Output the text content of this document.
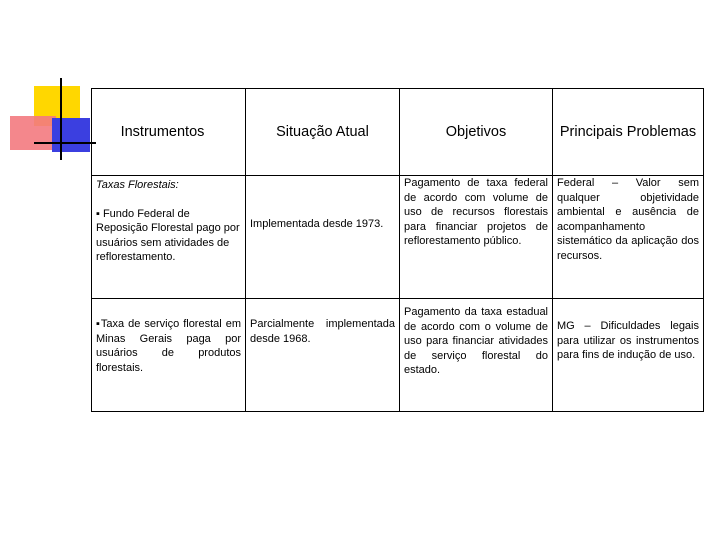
Instrumentos	Situação Atual	Objetivos	Principais Problemas

Taxas Florestais:
▪ Fundo Federal de Reposição Florestal pago por usuários sem atividades de reflorestamento.	Implementada desde 1973.	Pagamento de taxa federal de acordo com volume de uso de recursos florestais para financiar projetos de reflorestamento público.	Federal – Valor sem qualquer objetividade ambiental e ausência de acompanhamento sistemático da aplicação dos recursos.

▪Taxa de serviço florestal em Minas Gerais paga por usuários de produtos florestais.	Parcialmente implementada desde 1968.	Pagamento da taxa estadual de acordo com o volume de uso para financiar atividades de serviço florestal do estado.	MG – Dificuldades legais para utilizar os instrumentos para fins de indução de uso.
